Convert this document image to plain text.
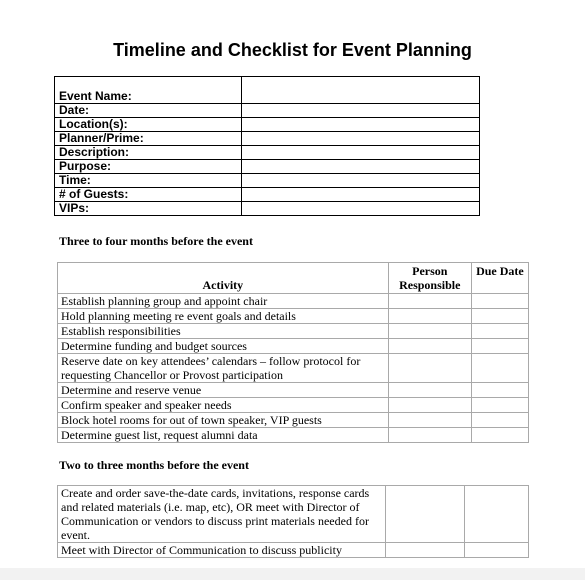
Timeline and Checklist for Event Planning
Event Name:	
Date:	
Location(s):	
Planner/Prime:	
Description:	
Purpose:	
Time:	
# of Guests:	
VIPs:	
Three to four months before the event
Activity	Person Responsible	Due Date
Establish planning group and appoint chair		
Hold planning meeting re event goals and details		
Establish responsibilities		
Determine funding and budget sources		
Reserve date on key attendees’ calendars – follow protocol for requesting Chancellor or Provost participation		
Determine and reserve venue		
Confirm speaker and speaker needs		
Block hotel rooms for out of town speaker, VIP guests		
Determine guest list, request alumni data		
Two to three months before the event
Create and order save-the-date cards, invitations, response cards and related materials (i.e. map, etc), OR meet with Director of Communication or vendors to discuss print materials needed for event.		
Meet with Director of Communication to discuss publicity		
